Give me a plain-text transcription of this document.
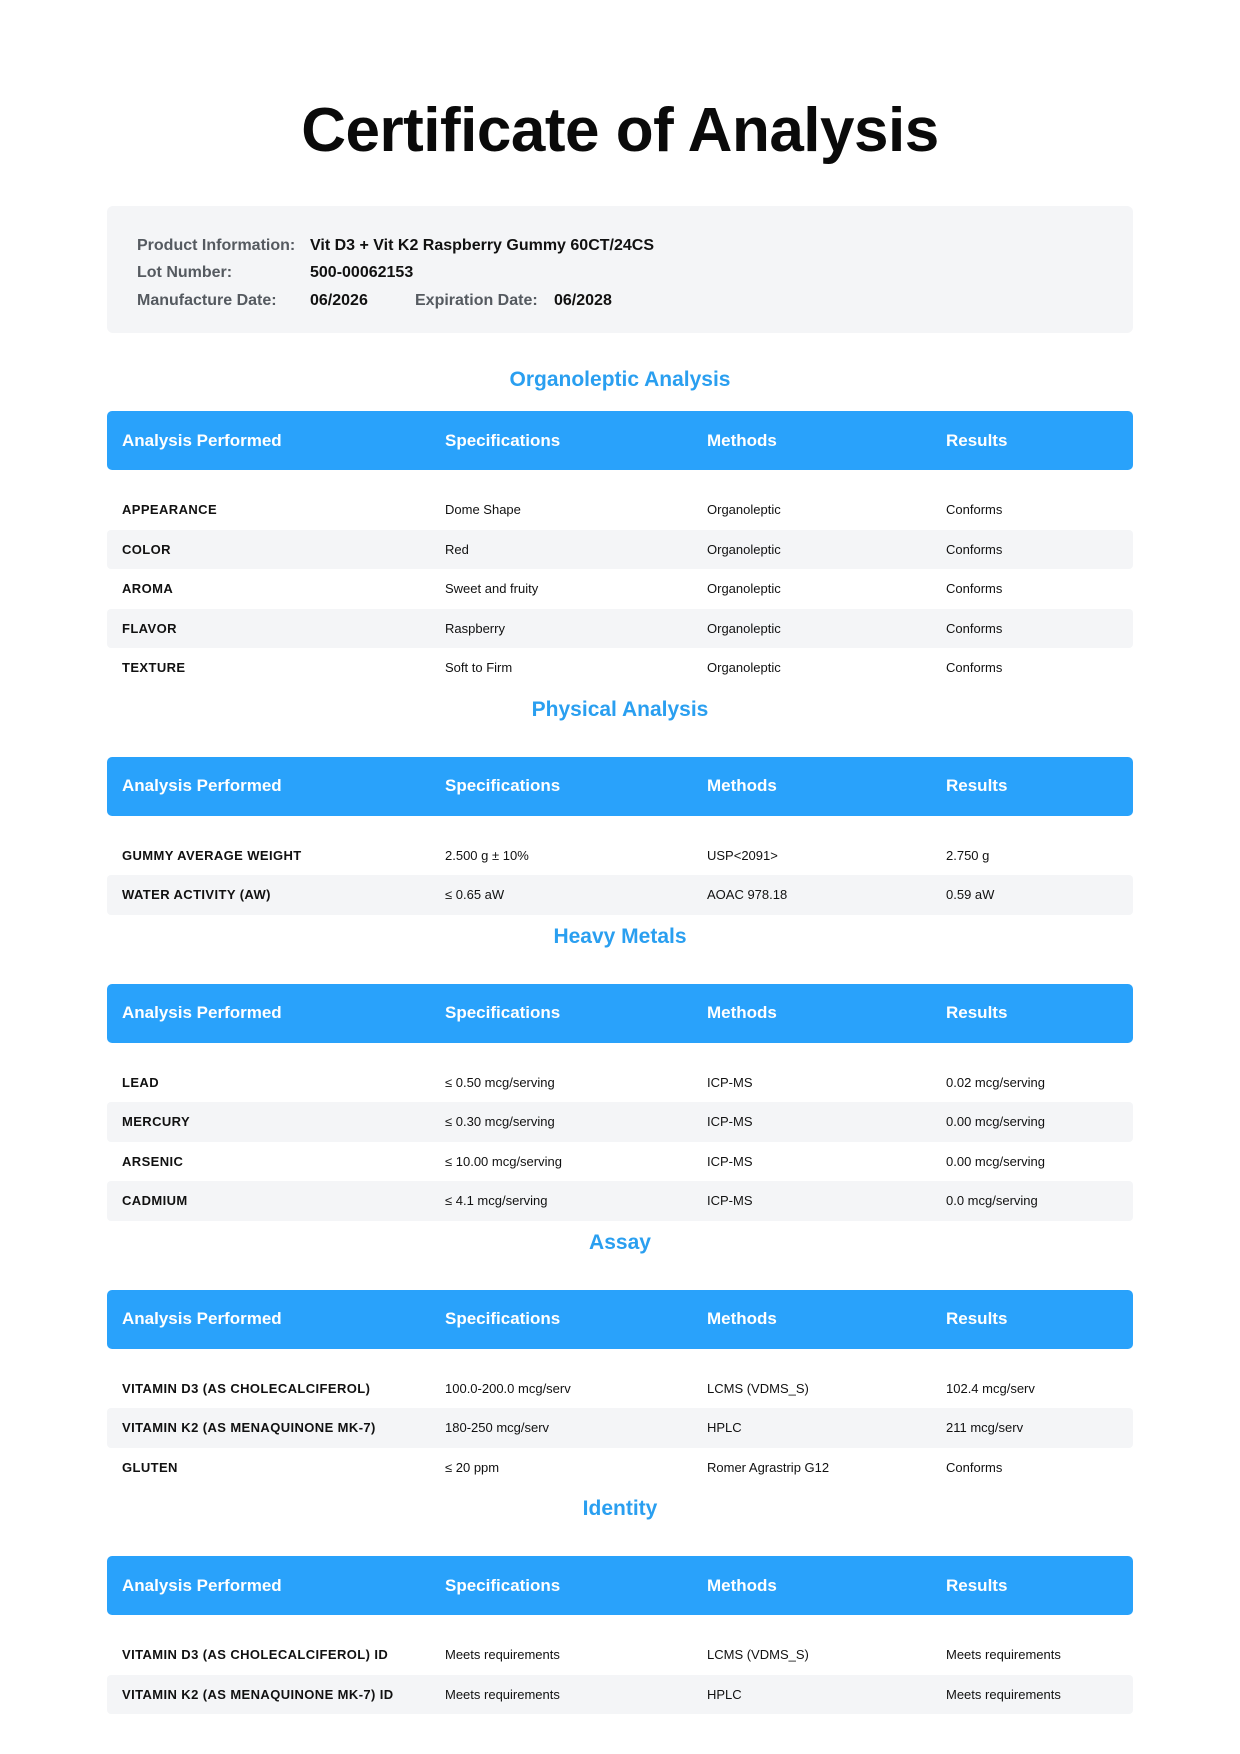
Certificate of Analysis
Product Information: Vit D3 + Vit K2 Raspberry Gummy 60CT/24CS
Lot Number:	500-00062153
Manufacture Date:	06/2026	Expiration Date:	06/2028
Organoleptic Analysis
Analysis Performed	Specifications	Methods	Results
APPEARANCE	Dome Shape	Organoleptic	Conforms
COLOR	Red	Organoleptic	Conforms
AROMA	Sweet and fruity	Organoleptic	Conforms
FLAVOR	Raspberry	Organoleptic	Conforms
TEXTURE	Soft to Firm	Organoleptic	Conforms
Physical Analysis
Analysis Performed	Specifications	Methods	Results
GUMMY AVERAGE WEIGHT	2.500 g ± 10%	USP<2091>	2.750 g
WATER ACTIVITY (AW)	≤ 0.65 aW	AOAC 978.18	0.59 aW
Heavy Metals
Analysis Performed	Specifications	Methods	Results
LEAD	≤ 0.50 mcg/serving	ICP-MS	0.02 mcg/serving
MERCURY	≤ 0.30 mcg/serving	ICP-MS	0.00 mcg/serving
ARSENIC	≤ 10.00 mcg/serving	ICP-MS	0.00 mcg/serving
CADMIUM	≤ 4.1 mcg/serving	ICP-MS	0.0 mcg/serving
Assay
Analysis Performed	Specifications	Methods	Results
VITAMIN D3 (AS CHOLECALCIFEROL)	100.0-200.0 mcg/serv	LCMS (VDMS_S)	102.4 mcg/serv
VITAMIN K2 (AS MENAQUINONE MK-7)	180-250 mcg/serv	HPLC	211 mcg/serv
GLUTEN	≤ 20 ppm	Romer Agrastrip G12	Conforms
Identity
Analysis Performed	Specifications	Methods	Results
VITAMIN D3 (AS CHOLECALCIFEROL) ID	Meets requirements	LCMS (VDMS_S)	Meets requirements
VITAMIN K2 (AS MENAQUINONE MK-7) ID	Meets requirements	HPLC	Meets requirements
